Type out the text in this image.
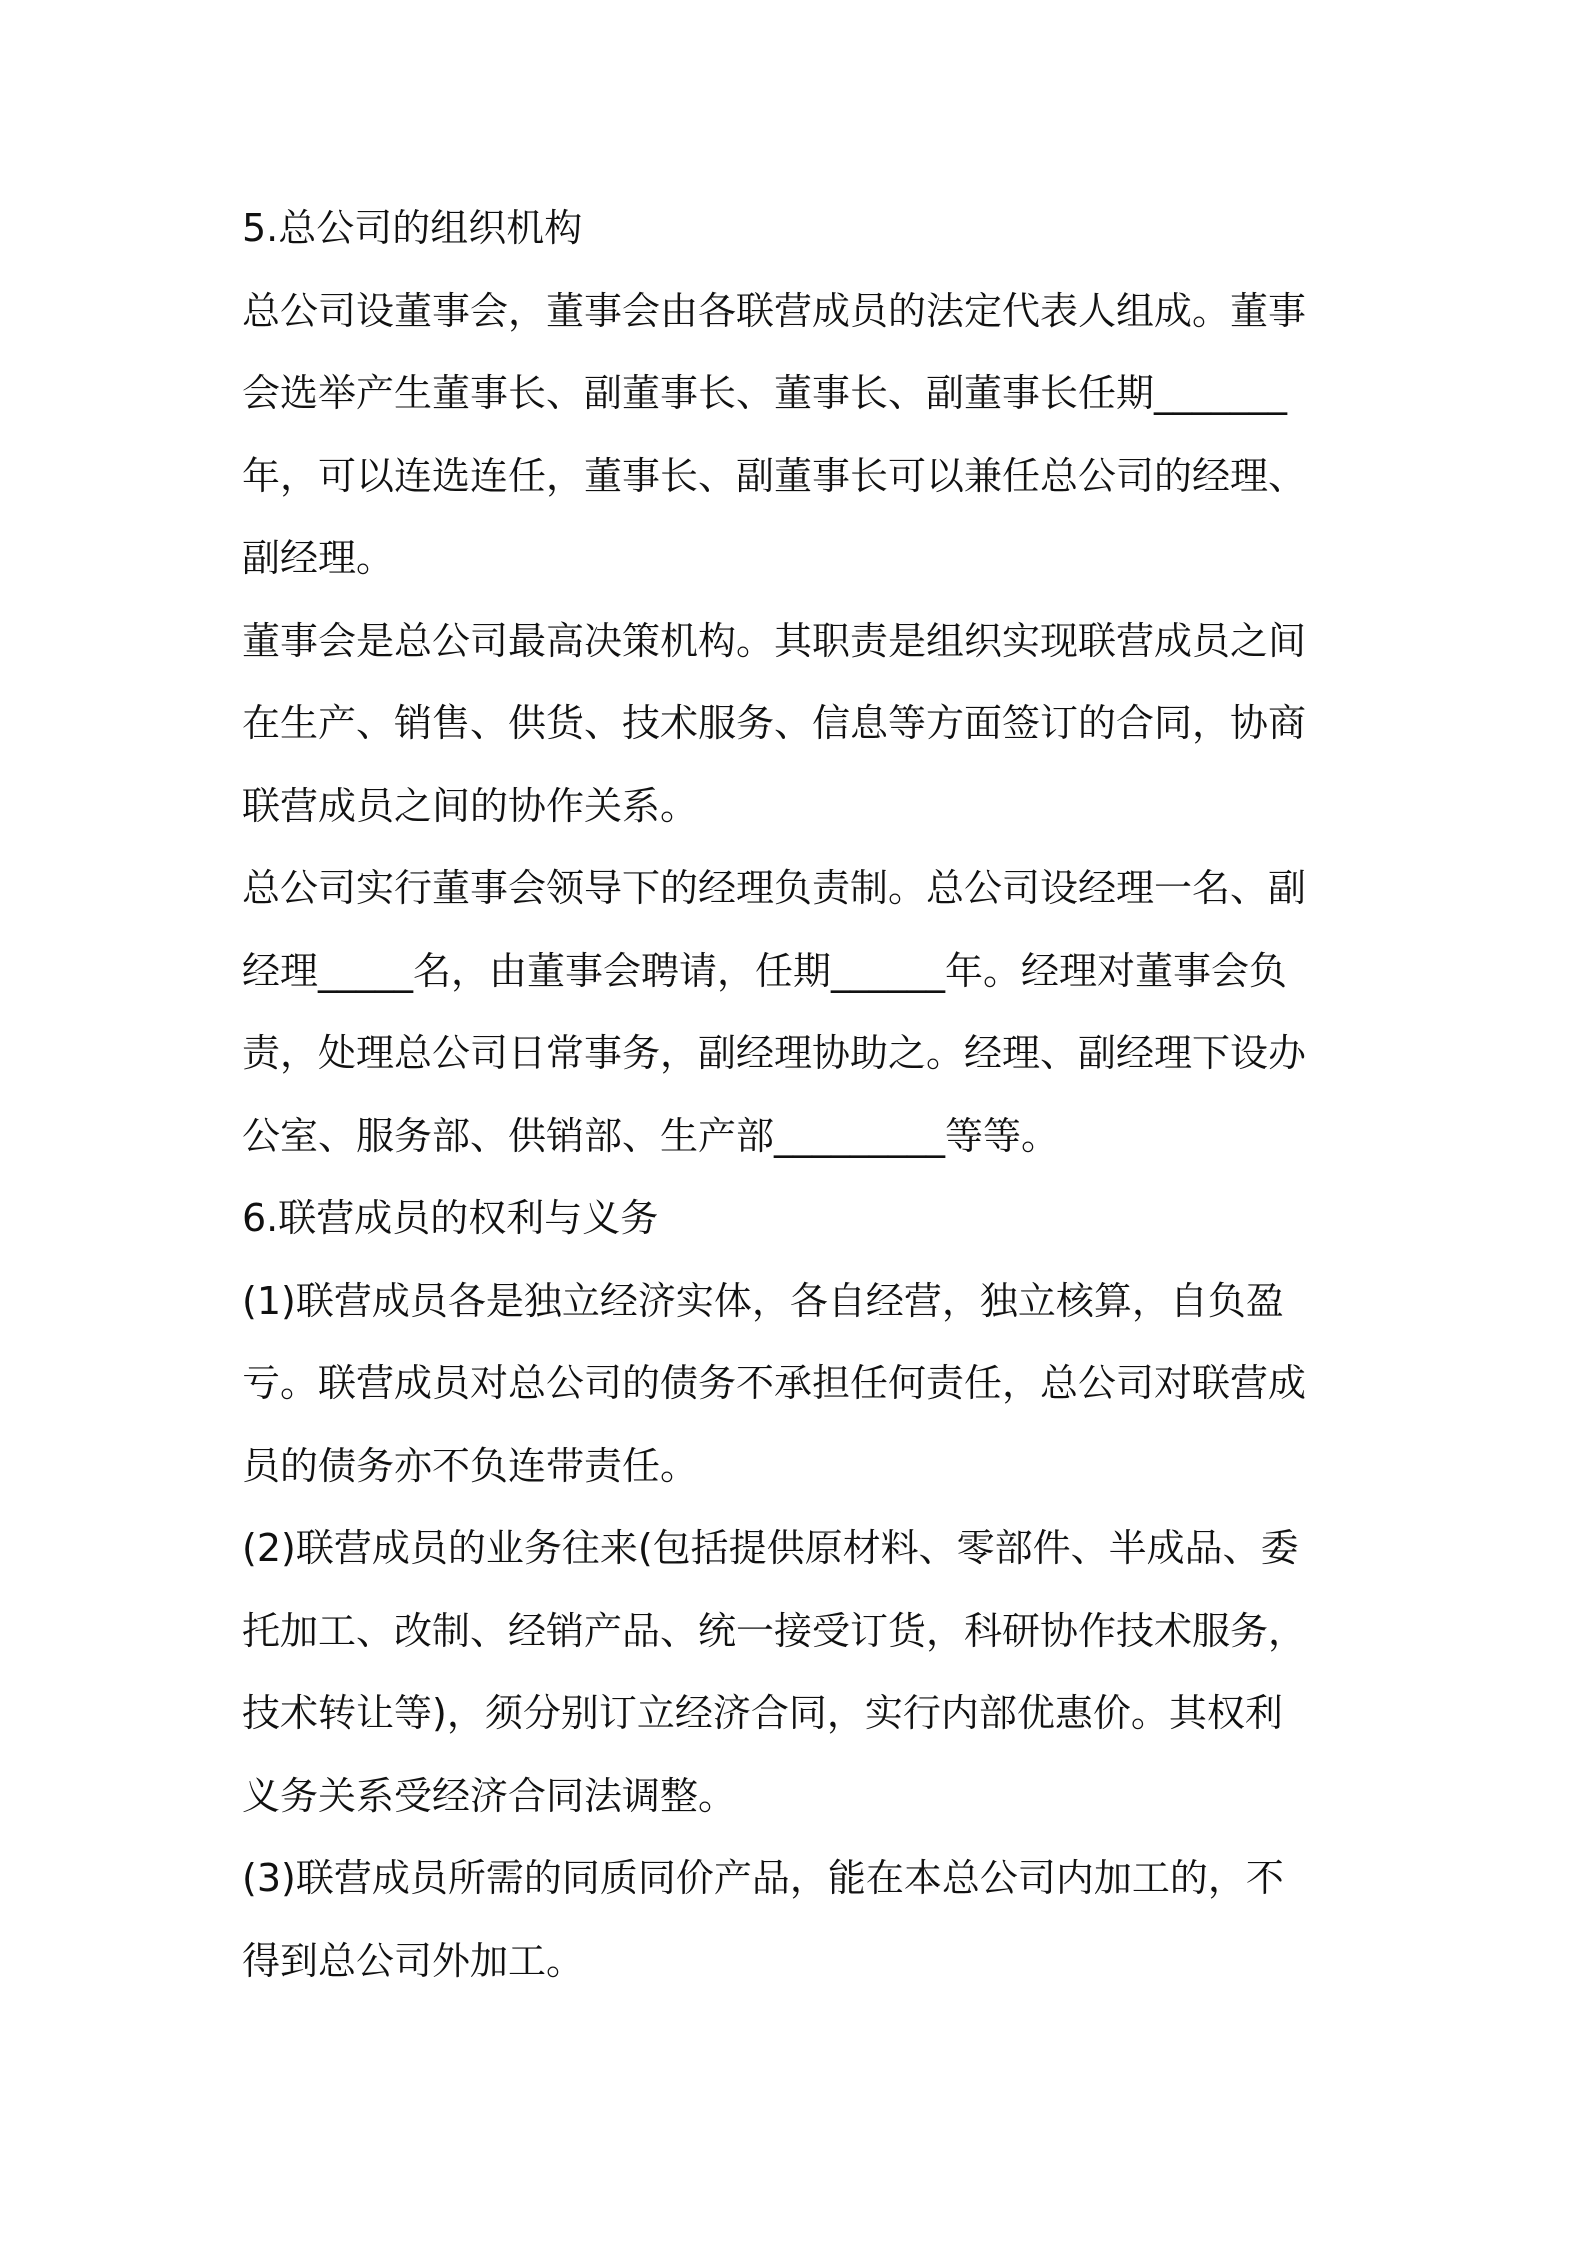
5.总公司的组织机构
总公司设董事会，董事会由各联营成员的法定代表人组成。董事
会选举产生董事长、副董事长、董事长、副董事长任期_______
年，可以连选连任，董事长、副董事长可以兼任总公司的经理、
副经理。
董事会是总公司最高决策机构。其职责是组织实现联营成员之间
在生产、销售、供货、技术服务、信息等方面签订的合同，协商
联营成员之间的协作关系。
总公司实行董事会领导下的经理负责制。总公司设经理一名、副
经理_____名，由董事会聘请，任期______年。经理对董事会负
责，处理总公司日常事务，副经理协助之。经理、副经理下设办
公室、服务部、供销部、生产部_________等等。
6.联营成员的权利与义务
(1)联营成员各是独立经济实体，各自经营，独立核算，自负盈
亏。联营成员对总公司的债务不承担任何责任，总公司对联营成
员的债务亦不负连带责任。
(2)联营成员的业务往来(包括提供原材料、零部件、半成品、委
托加工、改制、经销产品、统一接受订货，科研协作技术服务，
技术转让等)，须分别订立经济合同，实行内部优惠价。其权利
义务关系受经济合同法调整。
(3)联营成员所需的同质同价产品，能在本总公司内加工的，不
得到总公司外加工。
